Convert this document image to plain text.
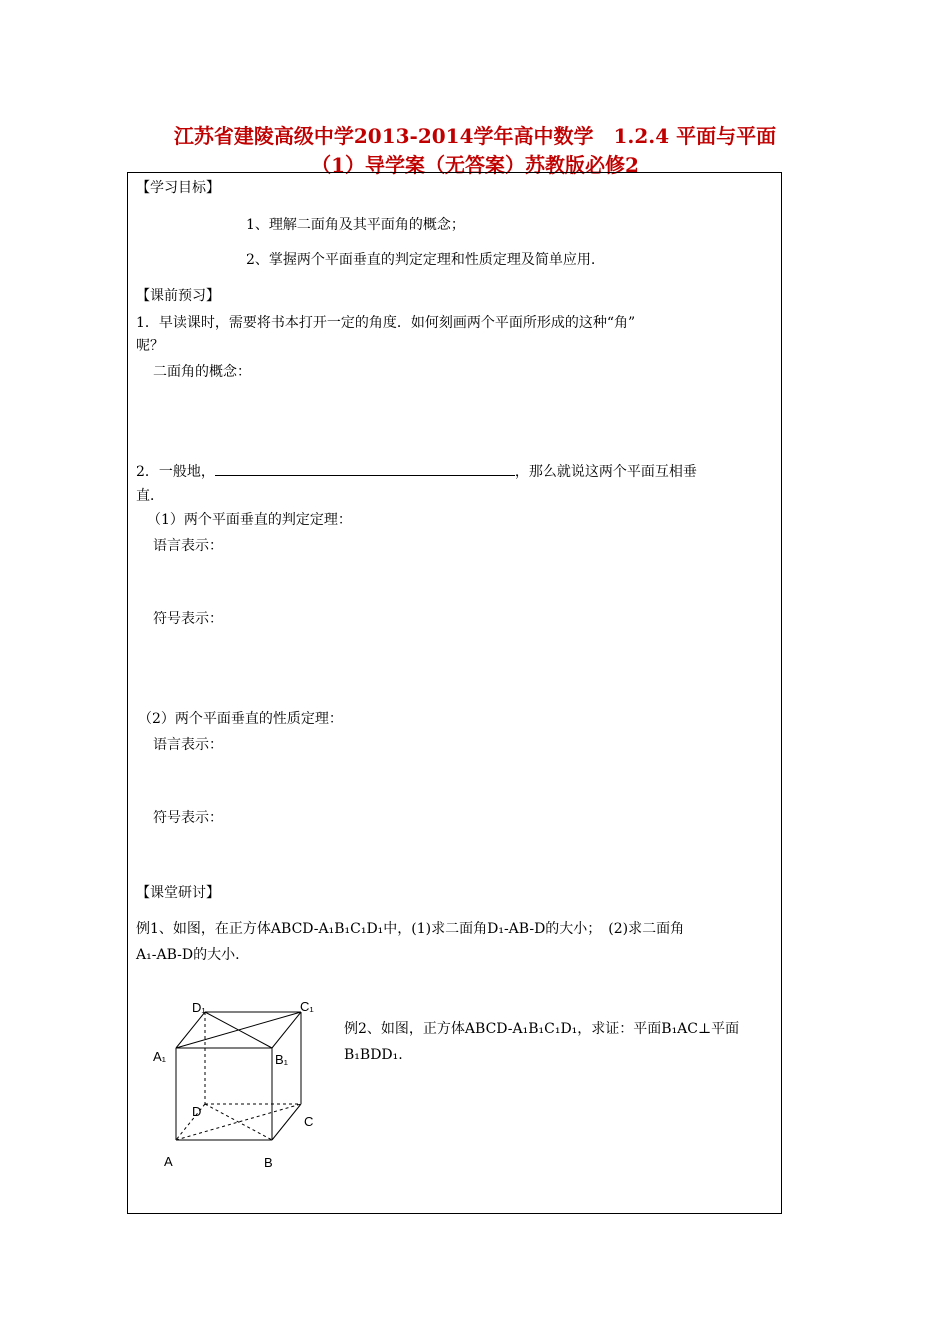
江苏省建陵高级中学2013-2014学年高中数学　1.2.4 平面与平面
（1）导学案（无答案）苏教版必修2
【学习目标】
1、理解二面角及其平面角的概念；
2、掌握两个平面垂直的判定定理和性质定理及简单应用.
【课前预习】
1．早读课时，需要将书本打开一定的角度．如何刻画两个平面所形成的这种“角”
呢？
二面角的概念：
2．一般地，	，那么就说这两个平面互相垂
直．
（1）两个平面垂直的判定定理：
语言表示：
符号表示：
（2）两个平面垂直的性质定理：
语言表示：
符号表示：
【课堂研讨】
例1、如图，在正方体ABCD-A₁B₁C₁D₁中，(1)求二面角D₁-AB-D的大小；　(2)求二面角
A₁-AB-D的大小.
例2、如图，正方体ABCD-A₁B₁C₁D₁，求证：平面B₁AC⊥平面
B₁BDD₁.
D₁	C₁
A₁	B₁
D
C
A	B
